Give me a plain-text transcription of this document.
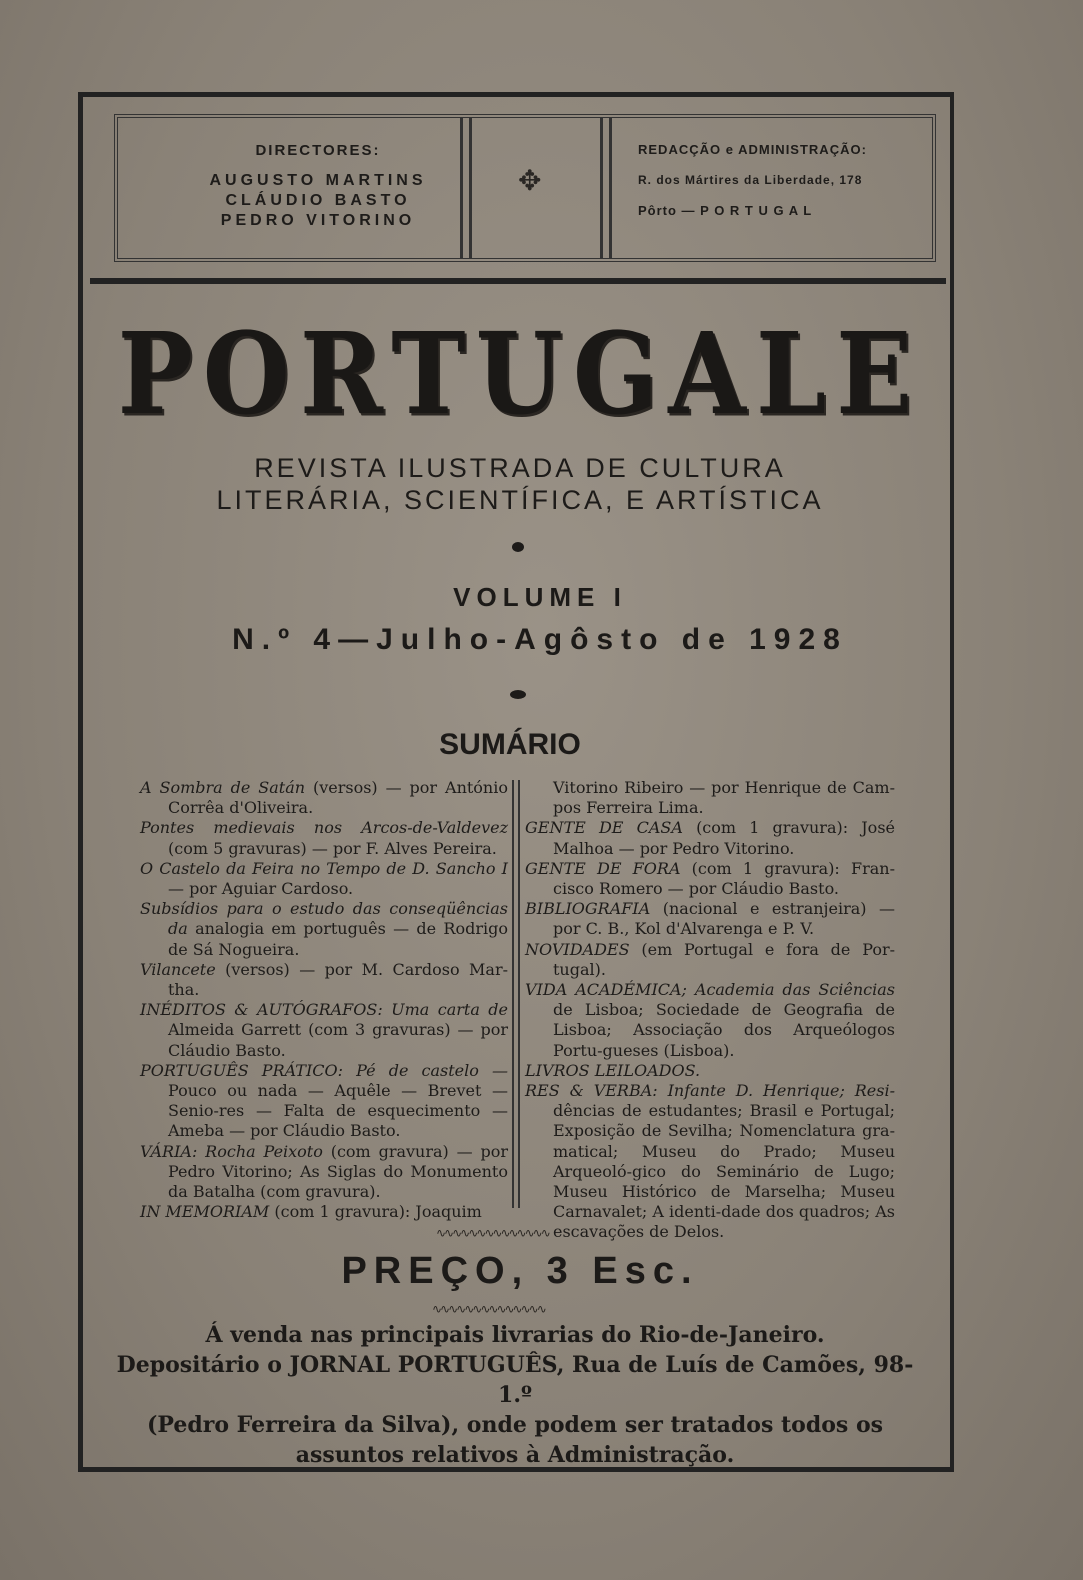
DIRECTORES:
AUGUSTO MARTINS
CLÁUDIO BASTO
PEDRO VITORINO
✥
REDACÇÃO e ADMINISTRAÇÃO:
R. dos Mártires da Liberdade, 178
Pôrto — P O R T U G A L
PORTUGALE
REVISTA ILUSTRADA DE CULTURA
LITERÁRIA, SCIENTÍFICA, E ARTÍSTICA
VOLUME I
N.º 4—Julho-Agôsto de 1928
SUMÁRIO
A Sombra de Satán (versos) — por António Corrêa d'Oliveira.
Pontes medievais nos Arcos-de-Valdevez (com 5 gravuras) — por F. Alves Pereira.
O Castelo da Feira no Tempo de D. Sancho I — por Aguiar Cardoso.
Subsídios para o estudo das conseqüências da analogia em português — de Rodrigo de Sá Nogueira.
Vilancete (versos) — por M. Cardoso Mar- tha.
INÉDITOS & AUTÓGRAFOS: Uma carta de Almeida Garrett (com 3 gravuras) — por Cláudio Basto.
PORTUGUÊS PRÁTICO: Pé de castelo — Pouco ou nada — Aquêle — Brevet — Senio-res — Falta de esquecimento — Ameba — por Cláudio Basto.
VÁRIA: Rocha Peixoto (com gravura) — por Pedro Vitorino; As Siglas do Monumento da Batalha (com gravura).
IN MEMORIAM (com 1 gravura): Joaquim
Vitorino Ribeiro — por Henrique de Cam-pos Ferreira Lima.
GENTE DE CASA (com 1 gravura): José Malhoa — por Pedro Vitorino.
GENTE DE FORA (com 1 gravura): Fran- cisco Romero — por Cláudio Basto.
BIBLIOGRAFIA (nacional e estranjeira) — por C. B., Kol d'Alvarenga e P. V.
NOVIDADES (em Portugal e fora de Por- tugal).
VIDA ACADÉMICA; Academia das Sciências de Lisboa; Sociedade de Geografia de Lisboa; Associação dos Arqueólogos Portu-gueses (Lisboa).
LIVROS LEILOADOS.
RES & VERBA: Infante D. Henrique; Resi- dências de estudantes; Brasil e Portugal; Exposição de Sevilha; Nomenclatura gra-matical; Museu do Prado; Museu Arqueoló-gico do Seminário de Lugo; Museu Histórico de Marselha; Museu Carnavalet; A identi-dade dos quadros; As escavações de Delos.
∿∿∿∿∿∿∿∿∿∿∿∿∿∿
PREÇO, 3 Esc.
∿∿∿∿∿∿∿∿∿∿∿∿∿∿
Á venda nas principais livrarias do Rio-de-Janeiro.
Depositário o JORNAL PORTUGUÊS, Rua de Luís de Camões, 98-1.º
(Pedro Ferreira da Silva), onde podem ser tratados todos os
assuntos relativos à Administração.
